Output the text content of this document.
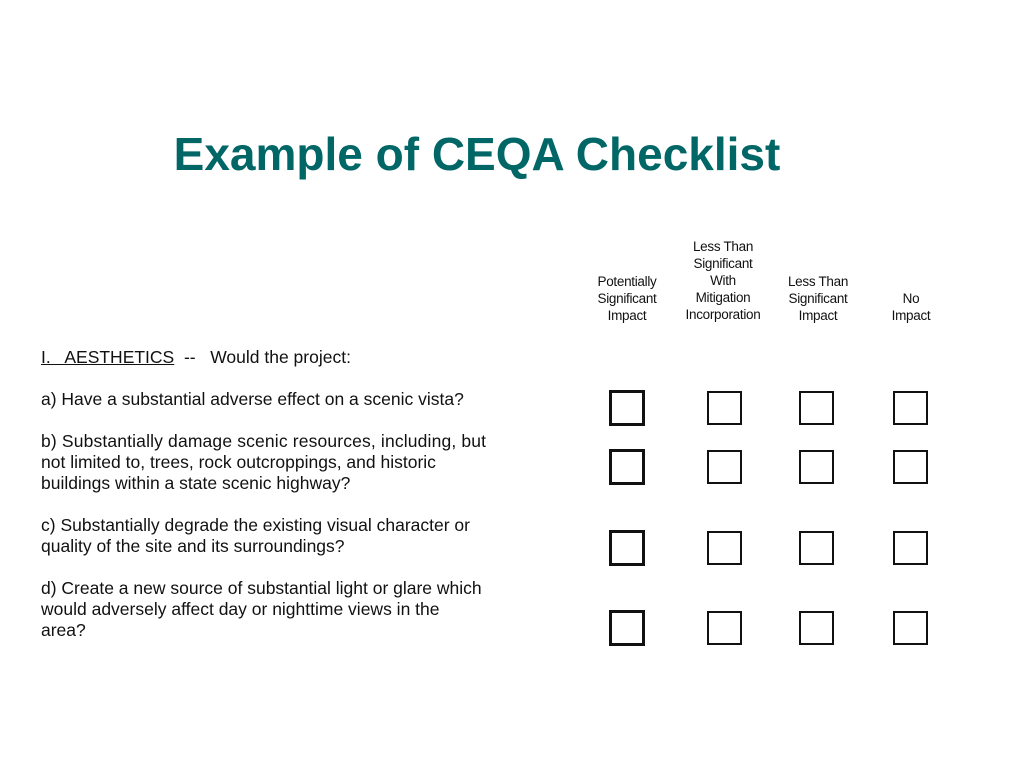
Example of CEQA Checklist
Potentially
Significant
Impact
Less Than
Significant
With
Mitigation
Incorporation
Less Than
Significant
Impact
No
Impact
I.   AESTHETICS  --   Would the project:
a) Have a substantial adverse effect on a scenic vista?
b) Substantially damage scenic resources, including, but
not limited to, trees, rock outcroppings, and historic
buildings within a state scenic highway?
c) Substantially degrade the existing visual character or
quality of the site and its surroundings?
d) Create a new source of substantial light or glare which
would adversely affect day or nighttime views in the
area?
